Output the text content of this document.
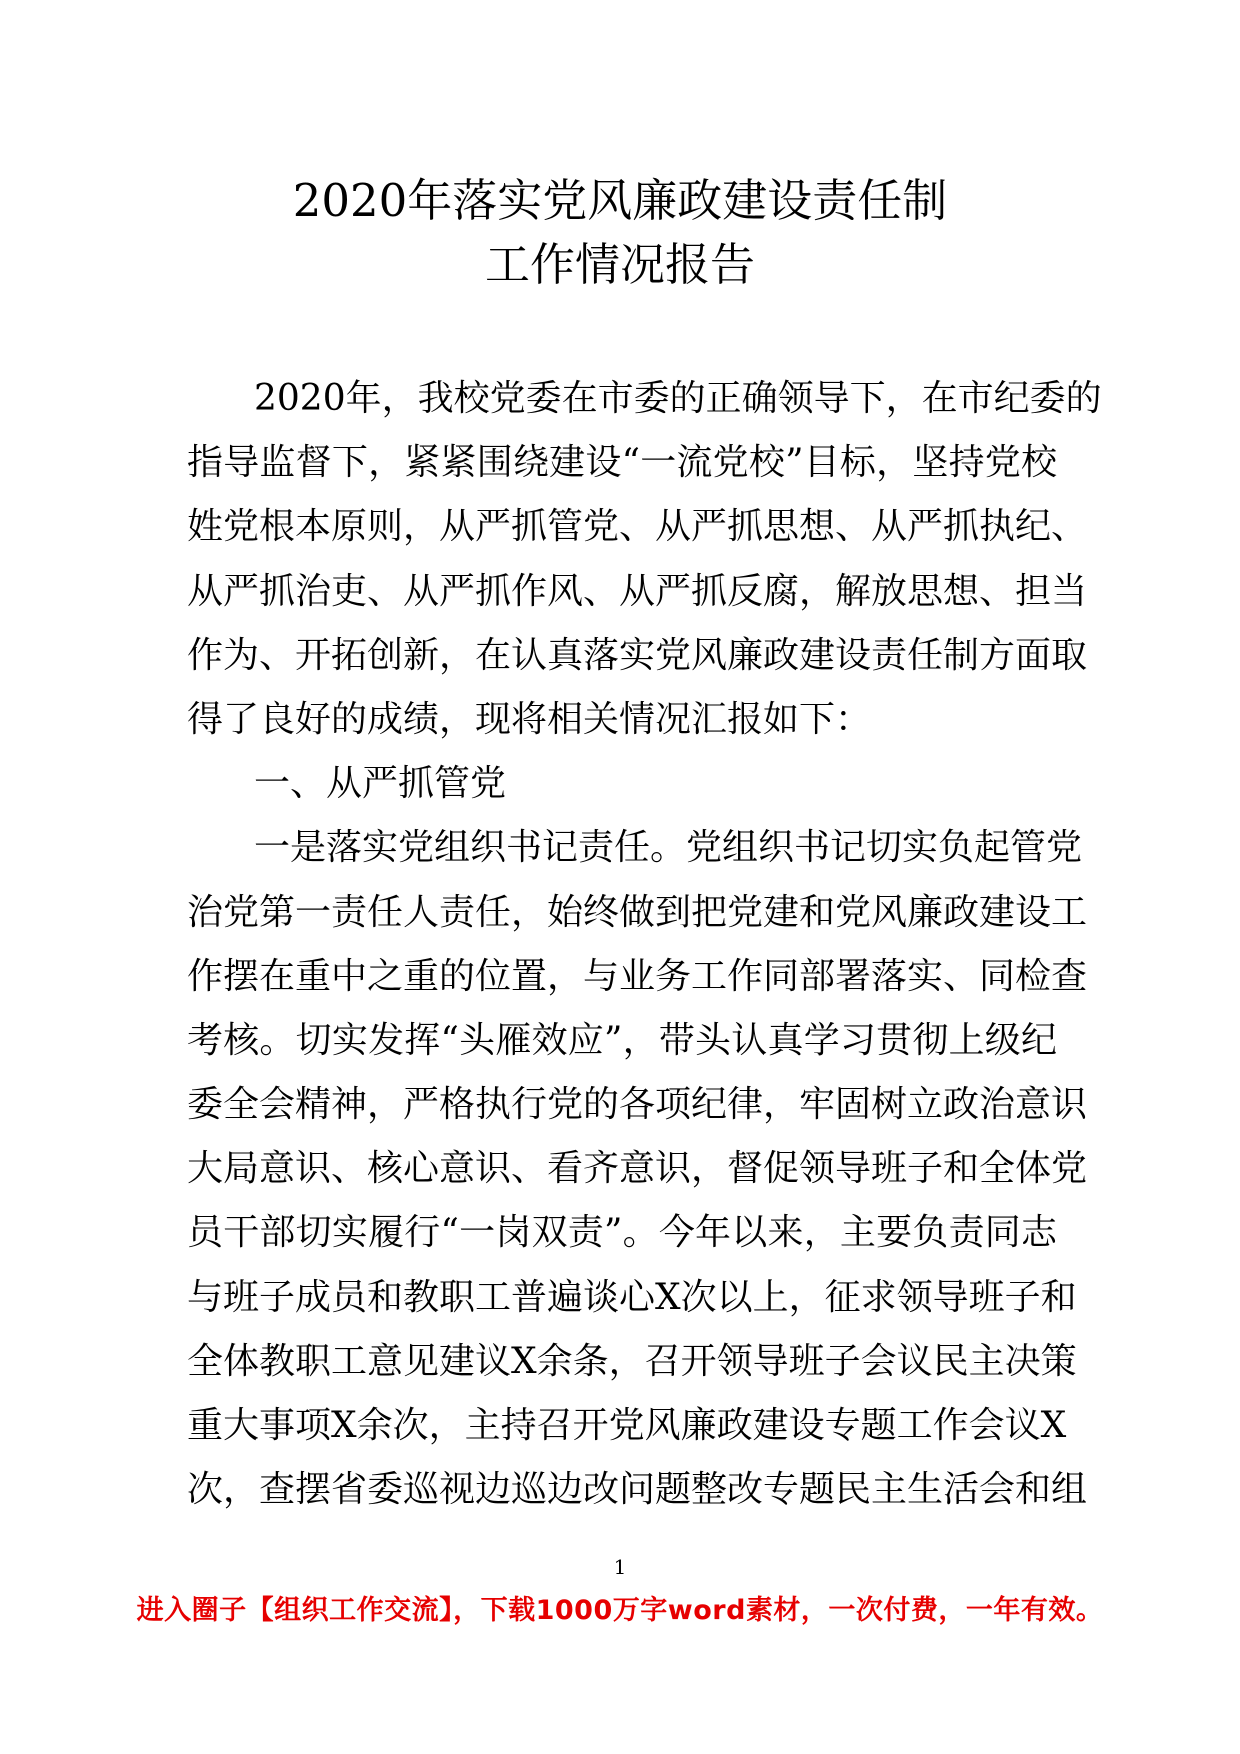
2020年落实党风廉政建设责任制
工作情况报告
2020年，我校党委在市委的正确领导下，在市纪委的
指导监督下，紧紧围绕建设“一流党校”目标，坚持党校
姓党根本原则，从严抓管党、从严抓思想、从严抓执纪、
从严抓治吏、从严抓作风、从严抓反腐，解放思想、担当
作为、开拓创新，在认真落实党风廉政建设责任制方面取
得了良好的成绩，现将相关情况汇报如下：
一、从严抓管党
一是落实党组织书记责任。党组织书记切实负起管党
治党第一责任人责任，始终做到把党建和党风廉政建设工
作摆在重中之重的位置，与业务工作同部署落实、同检查
考核。切实发挥“头雁效应”，带头认真学习贯彻上级纪
委全会精神，严格执行党的各项纪律，牢固树立政治意识
大局意识、核心意识、看齐意识，督促领导班子和全体党
员干部切实履行“一岗双责”。今年以来，主要负责同志
与班子成员和教职工普遍谈心X次以上，征求领导班子和
全体教职工意见建议X余条，召开领导班子会议民主决策
重大事项X余次，主持召开党风廉政建设专题工作会议X
次，查摆省委巡视边巡边改问题整改专题民主生活会和组
1
进入圈子【组织工作交流】，下载1000万字word素材，一次付费，一年有效。
